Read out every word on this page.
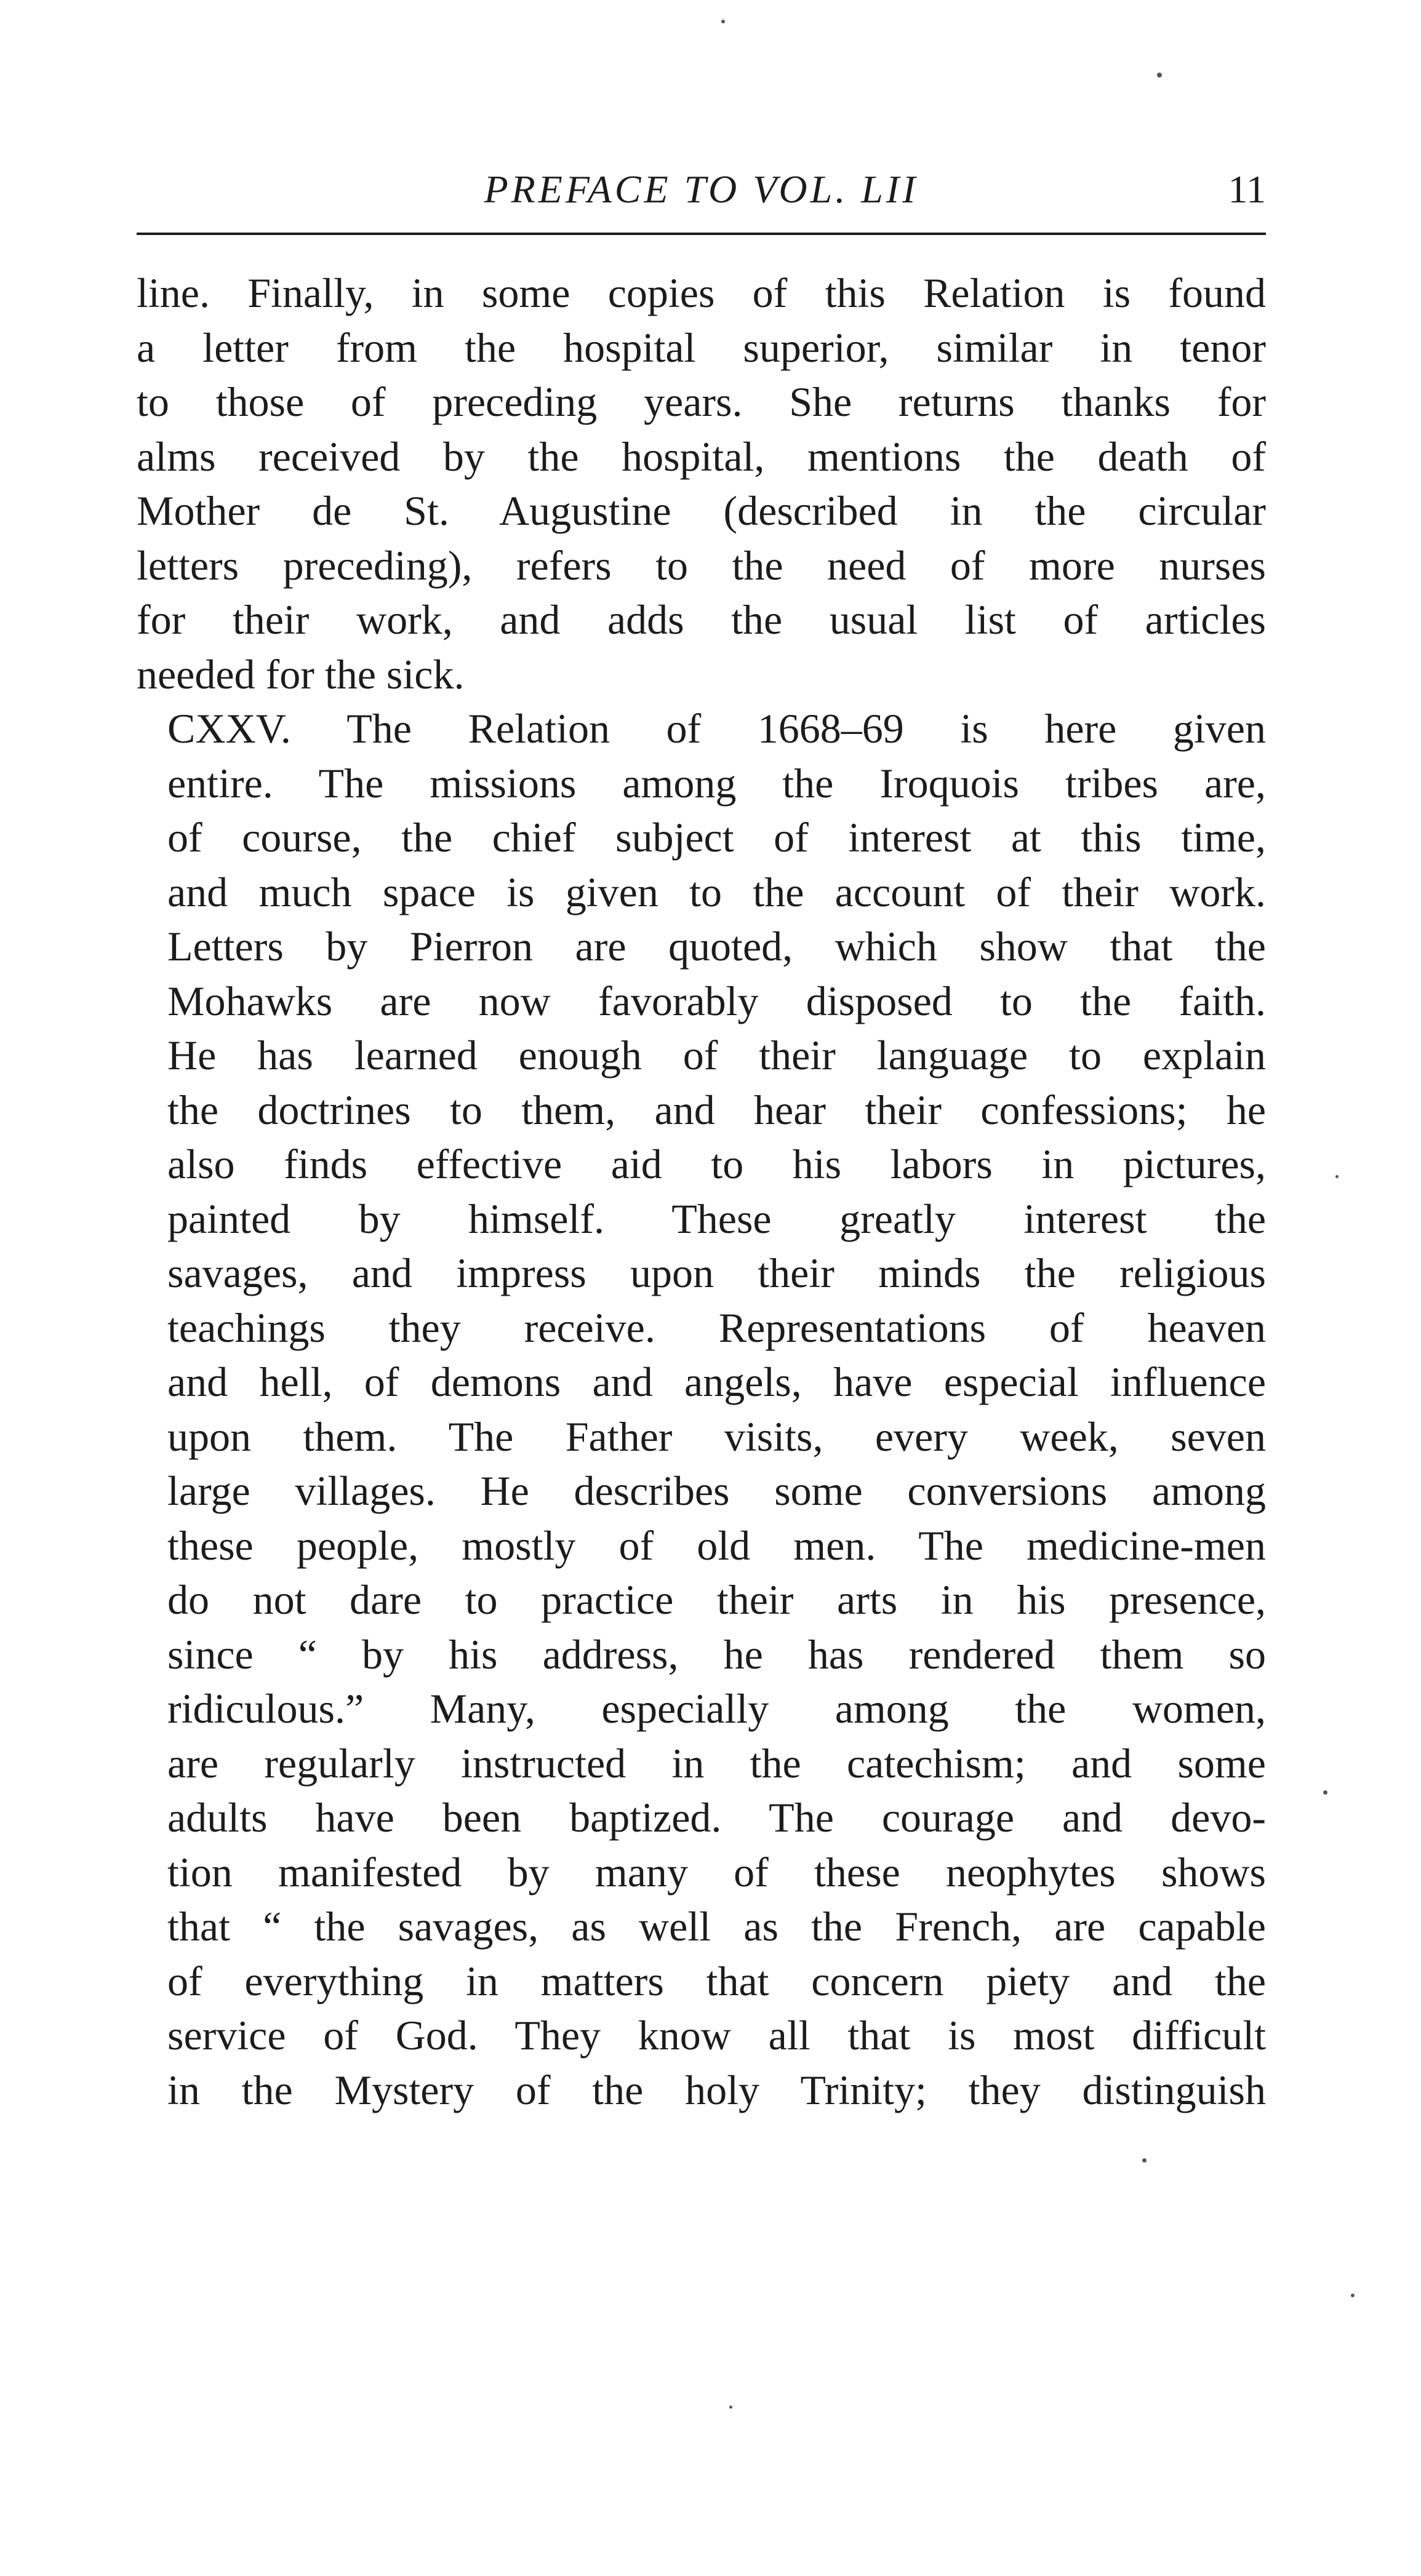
PREFACE TO VOL. LII	11

line. Finally, in some copies of this Relation is found
a letter from the hospital superior, similar in tenor
to those of preceding years. She returns thanks for
alms received by the hospital, mentions the death of
Mother de St. Augustine (described in the circular
letters preceding), refers to the need of more nurses
for their work, and adds the usual list of articles
needed for the sick.

CXXV. The Relation of 1668–69 is here given
entire. The missions among the Iroquois tribes are,
of course, the chief subject of interest at this time,
and much space is given to the account of their work.
Letters by Pierron are quoted, which show that the
Mohawks are now favorably disposed to the faith.
He has learned enough of their language to explain
the doctrines to them, and hear their confessions; he
also finds effective aid to his labors in pictures,
painted by himself. These greatly interest the
savages, and impress upon their minds the religious
teachings they receive. Representations of heaven
and hell, of demons and angels, have especial influence
upon them. The Father visits, every week, seven
large villages. He describes some conversions among
these people, mostly of old men. The medicine-men
do not dare to practice their arts in his presence,
since “ by his address, he has rendered them so
ridiculous.” Many, especially among the women,
are regularly instructed in the catechism; and some
adults have been baptized. The courage and devo-
tion manifested by many of these neophytes shows
that “ the savages, as well as the French, are capable
of everything in matters that concern piety and the
service of God. They know all that is most difficult
in the Mystery of the holy Trinity; they distinguish
